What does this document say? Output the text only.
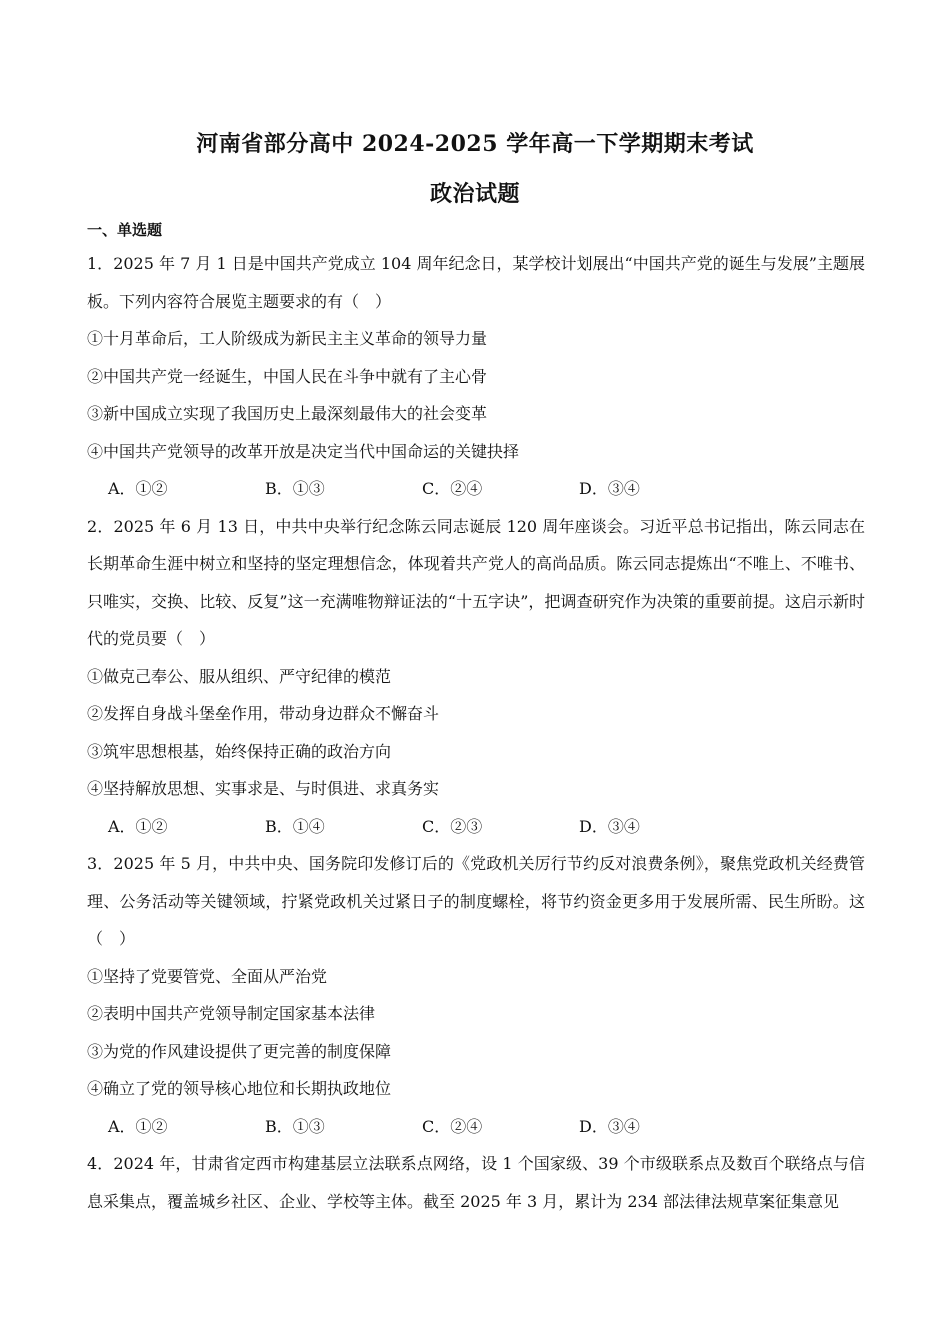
河南省部分高中 2024-2025 学年高一下学期期末考试
政治试题
一、单选题
1．2025 年 7 月 1 日是中国共产党成立 104 周年纪念日，某学校计划展出“中国共产党的诞生与发展”主题展板。下列内容符合展览主题要求的有（　）
①十月革命后，工人阶级成为新民主主义革命的领导力量
②中国共产党一经诞生，中国人民在斗争中就有了主心骨
③新中国成立实现了我国历史上最深刻最伟大的社会变革
④中国共产党领导的改革开放是决定当代中国命运的关键抉择
A．①②	B．①③	C．②④	D．③④
2．2025 年 6 月 13 日，中共中央举行纪念陈云同志诞辰 120 周年座谈会。习近平总书记指出，陈云同志在长期革命生涯中树立和坚持的坚定理想信念，体现着共产党人的高尚品质。陈云同志提炼出“不唯上、不唯书、只唯实，交换、比较、反复”这一充满唯物辩证法的“十五字诀”，把调查研究作为决策的重要前提。这启示新时代的党员要（　）
①做克己奉公、服从组织、严守纪律的模范
②发挥自身战斗堡垒作用，带动身边群众不懈奋斗
③筑牢思想根基，始终保持正确的政治方向
④坚持解放思想、实事求是、与时俱进、求真务实
A．①②	B．①④	C．②③	D．③④
3．2025 年 5 月，中共中央、国务院印发修订后的《党政机关厉行节约反对浪费条例》，聚焦党政机关经费管理、公务活动等关键领域，拧紧党政机关过紧日子的制度螺栓，将节约资金更多用于发展所需、民生所盼。这（　）
①坚持了党要管党、全面从严治党
②表明中国共产党领导制定国家基本法律
③为党的作风建设提供了更完善的制度保障
④确立了党的领导核心地位和长期执政地位
A．①②	B．①③	C．②④	D．③④
4．2024 年，甘肃省定西市构建基层立法联系点网络，设 1 个国家级、39 个市级联系点及数百个联络点与信息采集点，覆盖城乡社区、企业、学校等主体。截至 2025 年 3 月，累计为 234 部法律法规草案征集意见
